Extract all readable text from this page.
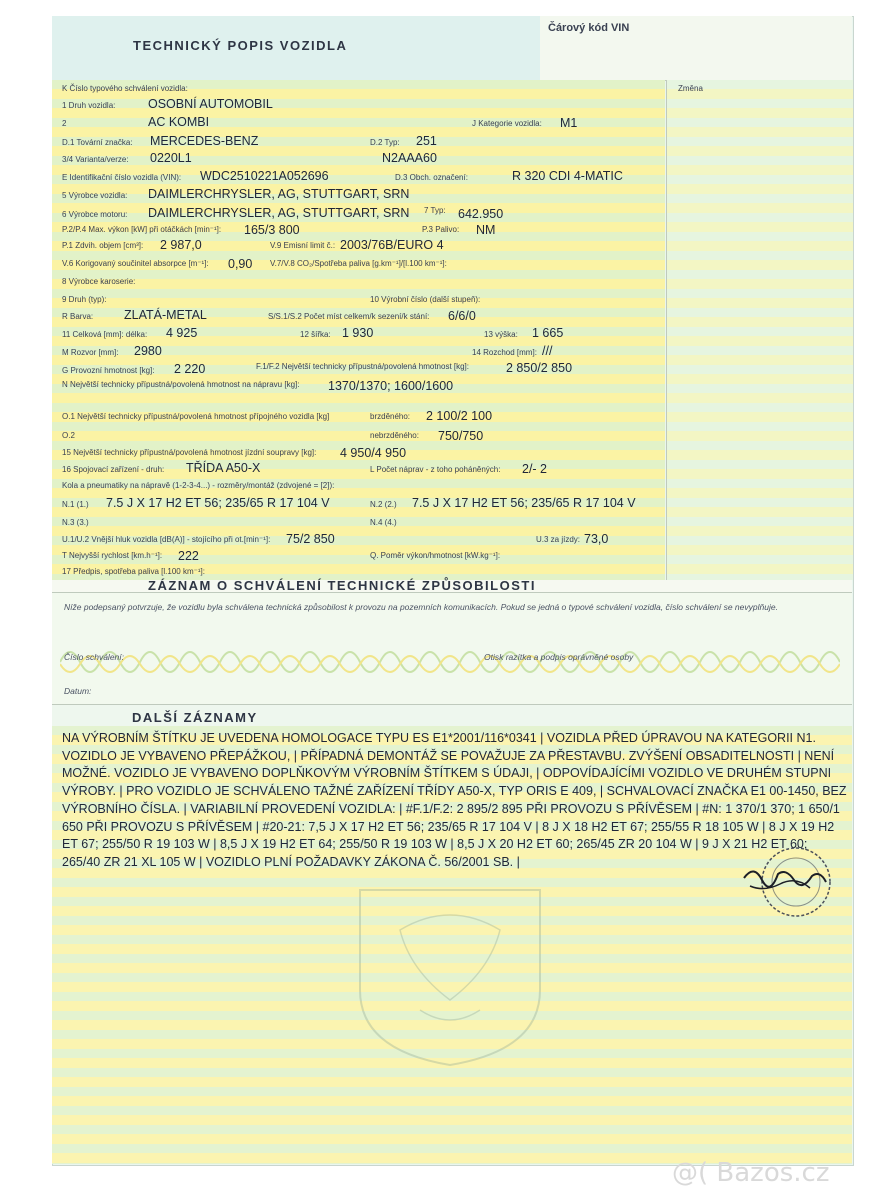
TECHNICKÝ POPIS VOZIDLA
Čárový kód VIN
Změna
K Číslo typového schválení vozidla:
1 Druh vozidla:	OSOBNÍ AUTOMOBIL
2	AC KOMBI	J Kategorie vozidla: M1
D.1 Tovární značka: MERCEDES-BENZ	D.2 Typ: 251
3/4 Varianta/verze: 0220L1	N2AAA60
E Identifikační číslo vozidla (VIN): WDC2510221A052696	D.3 Obch. označení:	R 320 CDI 4-MATIC
5 Výrobce vozidla: DAIMLERCHRYSLER, AG, STUTTGART, SRN
6 Výrobce motoru: DAIMLERCHRYSLER, AG, STUTTGART, SRN 7 Typ: 642.950
P.2/P.4 Max. výkon [kW] při otáčkách [min⁻¹]: 165/3 800	P.3 Palivo: NM
P.1 Zdvih. objem [cm³]: 2 987,0	V.9 Emisní limit č.: 2003/76B/EURO 4
V.6 Korigovaný součinitel absorpce [m⁻¹]: 0,90 V.7/V.8 CO₂/Spotřeba paliva [g.km⁻¹]/[l.100 km⁻¹]:
8 Výrobce karoserie:
9 Druh (typ):	10 Výrobní číslo (další stupeň):
R Barva: ZLATÁ-METAL	S/S.1/S.2 Počet míst celkem/k sezení/k stání: 6/6/0
11 Celková [mm]: délka: 4 925	12 šířka: 1 930	13 výška: 1 665
M Rozvor [mm]: 2980	14 Rozchod [mm]: ///
G Provozní hmotnost [kg]: 2 220	F.1/F.2 Největší technicky přípustná/povolená hmotnost [kg]:	2 850/2 850
N Největší technicky přípustná/povolená hmotnost na nápravu [kg]: 1370/1370; 1600/1600
O.1 Největší technicky přípustná/povolená hmotnost přípojného vozidla [kg]	brzděného: 2 100/2 100
O.2	nebrzděného: 750/750
15 Největší technicky přípustná/povolená hmotnost jízdní soupravy [kg]: 4 950/4 950
16 Spojovací zařízení - druh: TŘÍDA A50-X	L Počet náprav - z toho poháněných: 2/- 2
Kola a pneumatiky na nápravě (1-2-3-4...) - rozměry/montáž (zdvojené = [2]):
N.1 (1.) 7.5 J X 17 H2 ET 56; 235/65 R 17 104 V	N.2 (2.) 7.5 J X 17 H2 ET 56; 235/65 R 17 104 V
N.3 (3.)	N.4 (4.)
U.1/U.2 Vnější hluk vozidla [dB(A)] - stojícího při ot.[min⁻¹]: 75/2 850	U.3 za jízdy: 73,0
T Nejvyšší rychlost [km.h⁻¹]: 222	Q. Poměr výkon/hmotnost [kW.kg⁻¹]:
17 Předpis, spotřeba paliva [l.100 km⁻¹]:
ZÁZNAM O SCHVÁLENÍ TECHNICKÉ ZPŮSOBILOSTI
Níže podepsaný potvrzuje, že vozidlu byla schválena technická způsobilost k provozu na pozemních komunikacích. Pokud se jedná o typové schválení vozidla, číslo schválení se nevyplňuje.
Číslo schválení:	Otisk razítka a podpis oprávněné osoby
Datum:
DALŠÍ ZÁZNAMY
NA VÝROBNÍM ŠTÍTKU JE UVEDENA HOMOLOGACE TYPU ES E1*2001/116*0341 | VOZIDLA PŘED ÚPRAVOU NA KATEGORII N1. VOZIDLO JE VYBAVENO PŘEPÁŽKOU, | PŘÍPADNÁ DEMONTÁŽ SE POVAŽUJE ZA PŘESTAVBU. ZVÝŠENÍ OBSADITELNOSTI | NENÍ MOŽNÉ. VOZIDLO JE VYBAVENO DOPLŇKOVÝM VÝROBNÍM ŠTÍTKEM S ÚDAJI, | ODPOVÍDAJÍCÍMI VOZIDLO VE DRUHÉM STUPNI VÝROBY. | PRO VOZIDLO JE SCHVÁLENO TAŽNÉ ZAŘÍZENÍ TŘÍDY A50-X, TYP ORIS E 409, | SCHVALOVACÍ ZNAČKA E1 00-1450, BEZ VÝROBNÍHO ČÍSLA. | VARIABILNÍ PROVEDENÍ VOZIDLA: | #F.1/F.2: 2 895/2 895 PŘI PROVOZU S PŘÍVĚSEM | #N: 1 370/1 370; 1 650/1 650 PŘI PROVOZU S PŘÍVĚSEM | #20-21: 7,5 J X 17 H2 ET 56; 235/65 R 17 104 V | 8 J X 18 H2 ET 67; 255/55 R 18 105 W | 8 J X 19 H2 ET 67; 255/50 R 19 103 W | 8,5 J X 19 H2 ET 64; 255/50 R 19 103 W | 8,5 J X 20 H2 ET 60; 265/45 ZR 20 104 W | 9 J X 21 H2 ET 60; 265/40 ZR 21 XL 105 W | VOZIDLO PLNÍ POŽADAVKY ZÁKONA Č. 56/2001 SB. |
@( Bazos.cz
